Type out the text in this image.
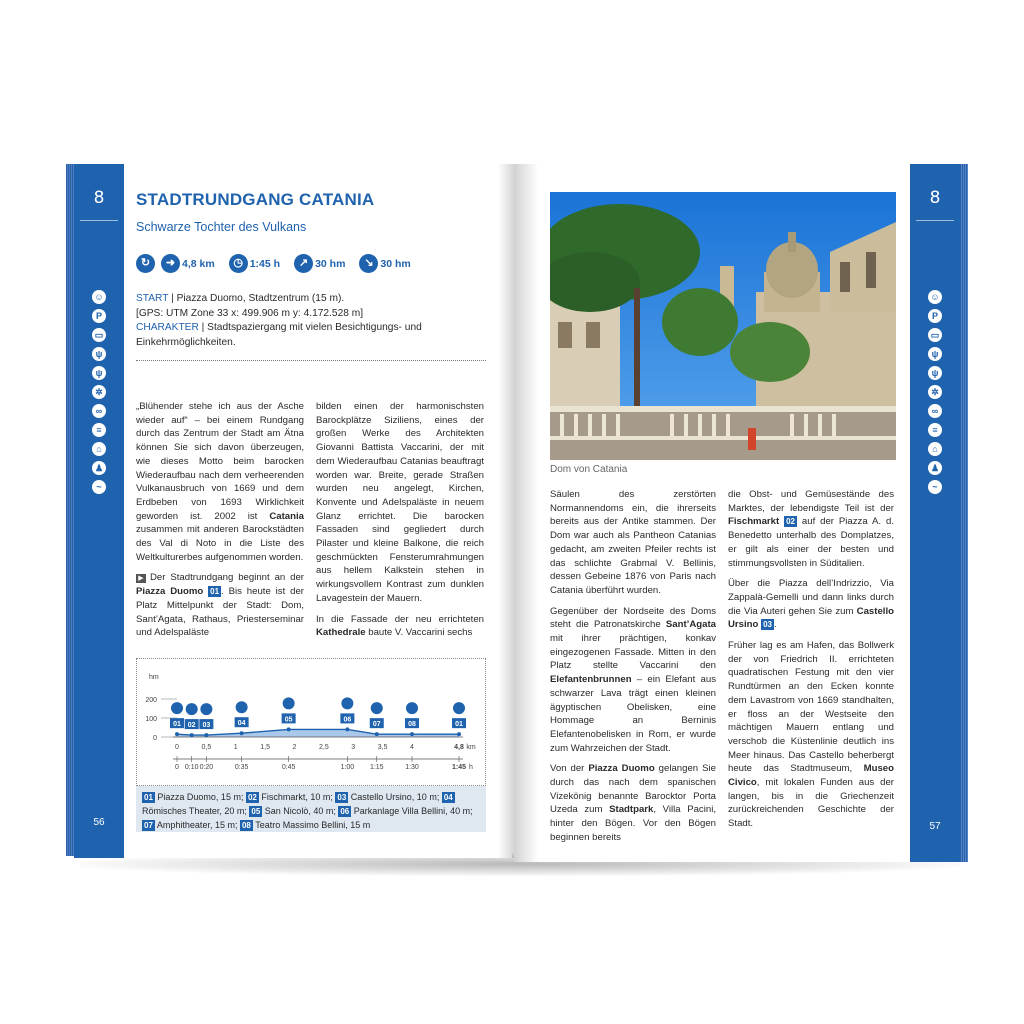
8
☺
P
▭
ψ
ψ
✲
∞
≡
⌂
♟
~
56
STADTRUNDGANG CATANIA
Schwarze Tochter des Vulkans
↻	➜ 4,8 km	◷ 1:45 h	↗ 30 hm	↘ 30 hm
START | Piazza Duomo, Stadtzentrum (15 m).
[GPS: UTM Zone 33 x: 499.906 m y: 4.172.528 m]
CHARAKTER | Stadtspaziergang mit vielen Besichtigungs- und Einkehrmöglichkeiten.

„Blühender stehe ich aus der Asche wieder auf“ – bei einem Rundgang durch das Zentrum der Stadt am Ätna können Sie sich davon überzeugen, wie dieses Motto beim barocken Wiederaufbau nach dem verheerenden Vulkanausbruch von 1669 und dem Erdbeben von 1693 Wirklichkeit geworden ist. 2002 ist Catania zusammen mit anderen Barockstädten des Val di Noto in die Liste des Weltkulturerbes aufgenommen worden.

▶ Der Stadtrundgang beginnt an der Piazza Duomo 01 . Bis heute ist der Platz Mittelpunkt der Stadt: Dom, Sant’Agata, Rathaus, Priesterseminar und Adelspaläste

bilden einen der harmonischsten Barockplätze Siziliens, eines der großen Werke des Architekten Giovanni Battista Vaccarini, der mit dem Wiederaufbau Catanias beauftragt worden war. Breite, gerade Straßen wurden neu angelegt, Kirchen, Konvente und Adelspaläste in neuem Glanz errichtet. Die barocken Fassaden sind gegliedert durch Pilaster und kleine Balkone, die reich geschmückten Fensterumrahmungen aus hellem Kalkstein stehen in wirkungsvollem Kontrast zum dunklen Lavagestein der Mauern.

In die Fassade der neu errichteten Kathedrale baute V. Vaccarini sechs

hm
200
100
0
01 02 03	04
05	06
07	08	01
0	0,5	1	1,5	2	2,5	3	3,5	4	4,8 km
0 0:10 0:20	0:35	0:45	1:00 1:15	1:30	1:45 h
01 Piazza Duomo, 15 m; 02 Fischmarkt, 10 m; 03 Castello Ursino, 10 m; 04 Römisches Theater, 20 m; 05 San Nicolò, 40 m; 06 Parkanlage Villa Bellini, 40 m; 07 Amphitheater, 15 m; 08 Teatro Massimo Bellini, 15 m
Dom von Catania

Säulen des zerstörten Normannendoms ein, die ihrerseits bereits aus der Antike stammen. Der Dom war auch als Pantheon Catanias gedacht, am zweiten Pfeiler rechts ist das schlichte Grabmal V. Bellinis, dessen Gebeine 1876 von Paris nach Catania überführt wurden.

Gegenüber der Nordseite des Doms steht die Patronatskirche Sant’Agata mit ihrer prächtigen, konkav eingezogenen Fassade. Mitten in den Platz stellte Vaccarini den Elefantenbrunnen – ein Elefant aus schwarzer Lava trägt einen kleinen ägyptischen Obelisken, eine Hommage an Berninis Elefantenobelisken in Rom, er wurde zum Wahrzeichen der Stadt.

Von der Piazza Duomo gelangen Sie durch das nach dem spanischen Vizekönig benannte Barocktor Porta Uzeda zum Stadtpark, Villa Pacini, hinter den Bögen. Vor den Bögen beginnen bereits

die Obst- und Gemüsestände des Marktes, der lebendigste Teil ist der Fischmarkt 02 auf der Piazza A. d. Benedetto unterhalb des Domplatzes, er gilt als einer der besten und stimmungsvollsten in Süditalien.

Über die Piazza dell’Indrizzio, Via Zappalà-Gemelli und dann links durch die Via Auteri gehen Sie zum Castello Ursino 03 .

Früher lag es am Hafen, das Bollwerk der von Friedrich II. errichteten quadratischen Festung mit den vier Rundtürmen an den Ecken konnte dem Lavastrom von 1669 standhalten, er floss an der Westseite den mächtigen Mauern entlang und verschob die Küstenlinie deutlich ins Meer hinaus. Das Castello beherbergt heute das Stadtmuseum, Museo Civico, mit lokalen Funden aus der langen, bis in die Griechenzeit zurückreichenden Geschichte der Stadt.

8
☺
P
▭
ψ
ψ
✲
∞
≡
⌂
♟
~
57
